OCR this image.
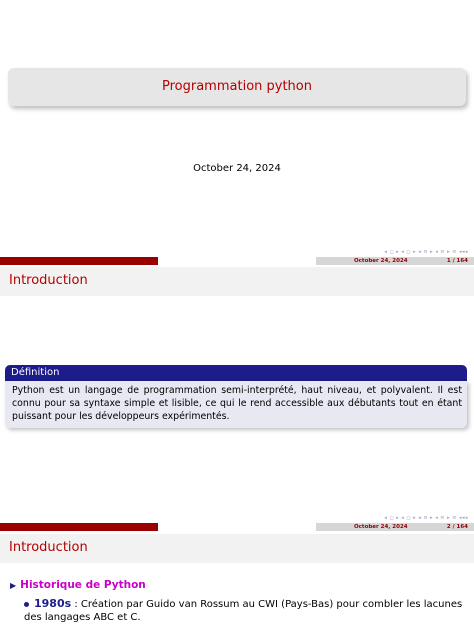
Programmation python
October 24, 2024
◂ ◻ ▸ ◂ ◻ ▸ ◂ ≡ ▸ ◂ ≡ ▸ ≡ ◂◂◂
October 24, 2024	1 / 164
Introduction
Définition

Python est un langage de programmation semi-interprété, haut niveau, et polyvalent. Il est connu pour sa syntaxe simple et lisible, ce qui le rend accessible aux débutants tout en étant puissant pour les développeurs expérimentés.

◂ ◻ ▸ ◂ ◻ ▸ ◂ ≡ ▸ ◂ ≡ ▸ ≡ ◂◂◂
October 24, 2024	2 / 164
Introduction
▶ Historique de Python
1980s : Création par Guido van Rossum au CWI (Pays-Bas) pour combler les lacunes des langages ABC et C.
